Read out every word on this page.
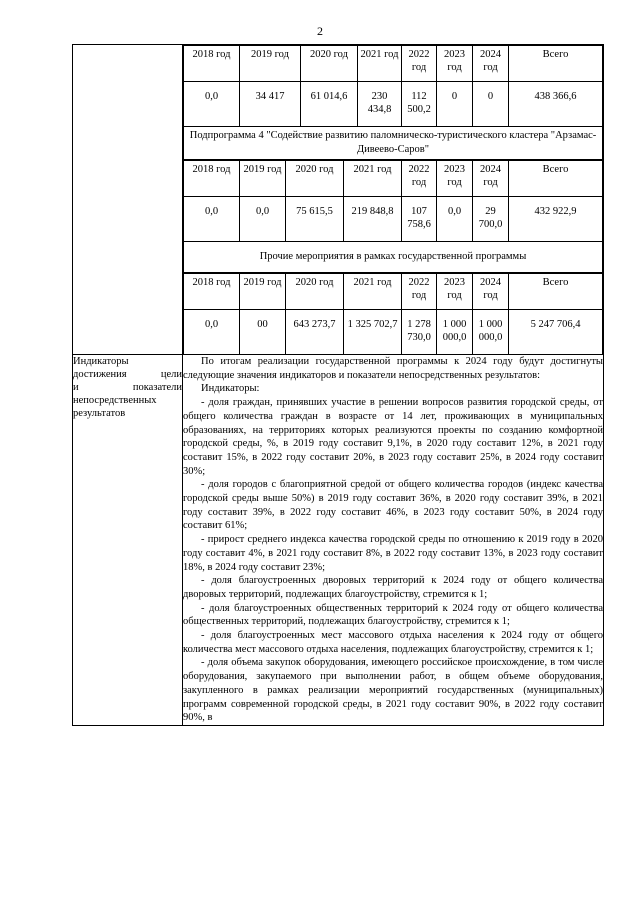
2

2018 год	2019 год	2020 год	2021 год	2022 год	2023 год	2024 год	Всего
0,0	34 417	61 014,6	230 434,8	112 500,2	0	0	438 366,6
Подпрограмма 4 "Содействие развитию паломническо-туристического кластера "Арзамас-Дивеево-Саров"
2018 год	2019 год	2020 год	2021 год	2022 год	2023 год	2024 год	Всего
0,0	0,0	75 615,5	219 848,8	107 758,6	0,0	29 700,0	432 922,9
Прочие мероприятия в рамках государственной программы
2018 год	2019 год	2020 год	2021 год	2022 год	2023 год	2024 год	Всего
0,0	00	643 273,7	1 325 702,7	1 278 730,0	1 000 000,0	1 000 000,0	5 247 706,4

Индикаторы
достижения цели
и показатели
непосредственных
результатов

По итогам реализации государственной программы к 2024 году будут достигнуты следующие значения индикаторов и показатели непосредственных результатов:

Индикаторы:

- доля граждан, принявших участие в решении вопросов развития городской среды, от общего количества граждан в возрасте от 14 лет, проживающих в муниципальных образованиях, на территориях которых реализуются проекты по созданию комфортной городской среды, %, в 2019 году составит 9,1%, в 2020 году составит 12%, в 2021 году составит 15%, в 2022 году составит 20%, в 2023 году составит 25%, в 2024 году составит 30%;

- доля городов с благоприятной средой от общего количества городов (индекс качества городской среды выше 50%) в 2019 году составит 36%, в 2020 году составит 39%, в 2021 году составит 39%, в 2022 году составит 46%, в 2023 году составит 50%, в 2024 году составит 61%;

- прирост среднего индекса качества городской среды по отношению к 2019 году в 2020 году составит 4%, в 2021 году составит 8%, в 2022 году составит 13%, в 2023 году составит 18%, в 2024 году составит 23%;

- доля благоустроенных дворовых территорий к 2024 году от общего количества дворовых территорий, подлежащих благоустройству, стремится к 1;

- доля благоустроенных общественных территорий к 2024 году от общего количества общественных территорий, подлежащих благоустройству, стремится к 1;

- доля благоустроенных мест массового отдыха населения к 2024 году от общего количества мест массового отдыха населения, подлежащих благоустройству, стремится к 1;

- доля объема закупок оборудования, имеющего российское происхождение, в том числе оборудования, закупаемого при выполнении работ, в общем объеме оборудования, закупленного в рамках реализации мероприятий государственных (муниципальных) программ современной городской среды, в 2021 году составит 90%, в 2022 году составит 90%, в
